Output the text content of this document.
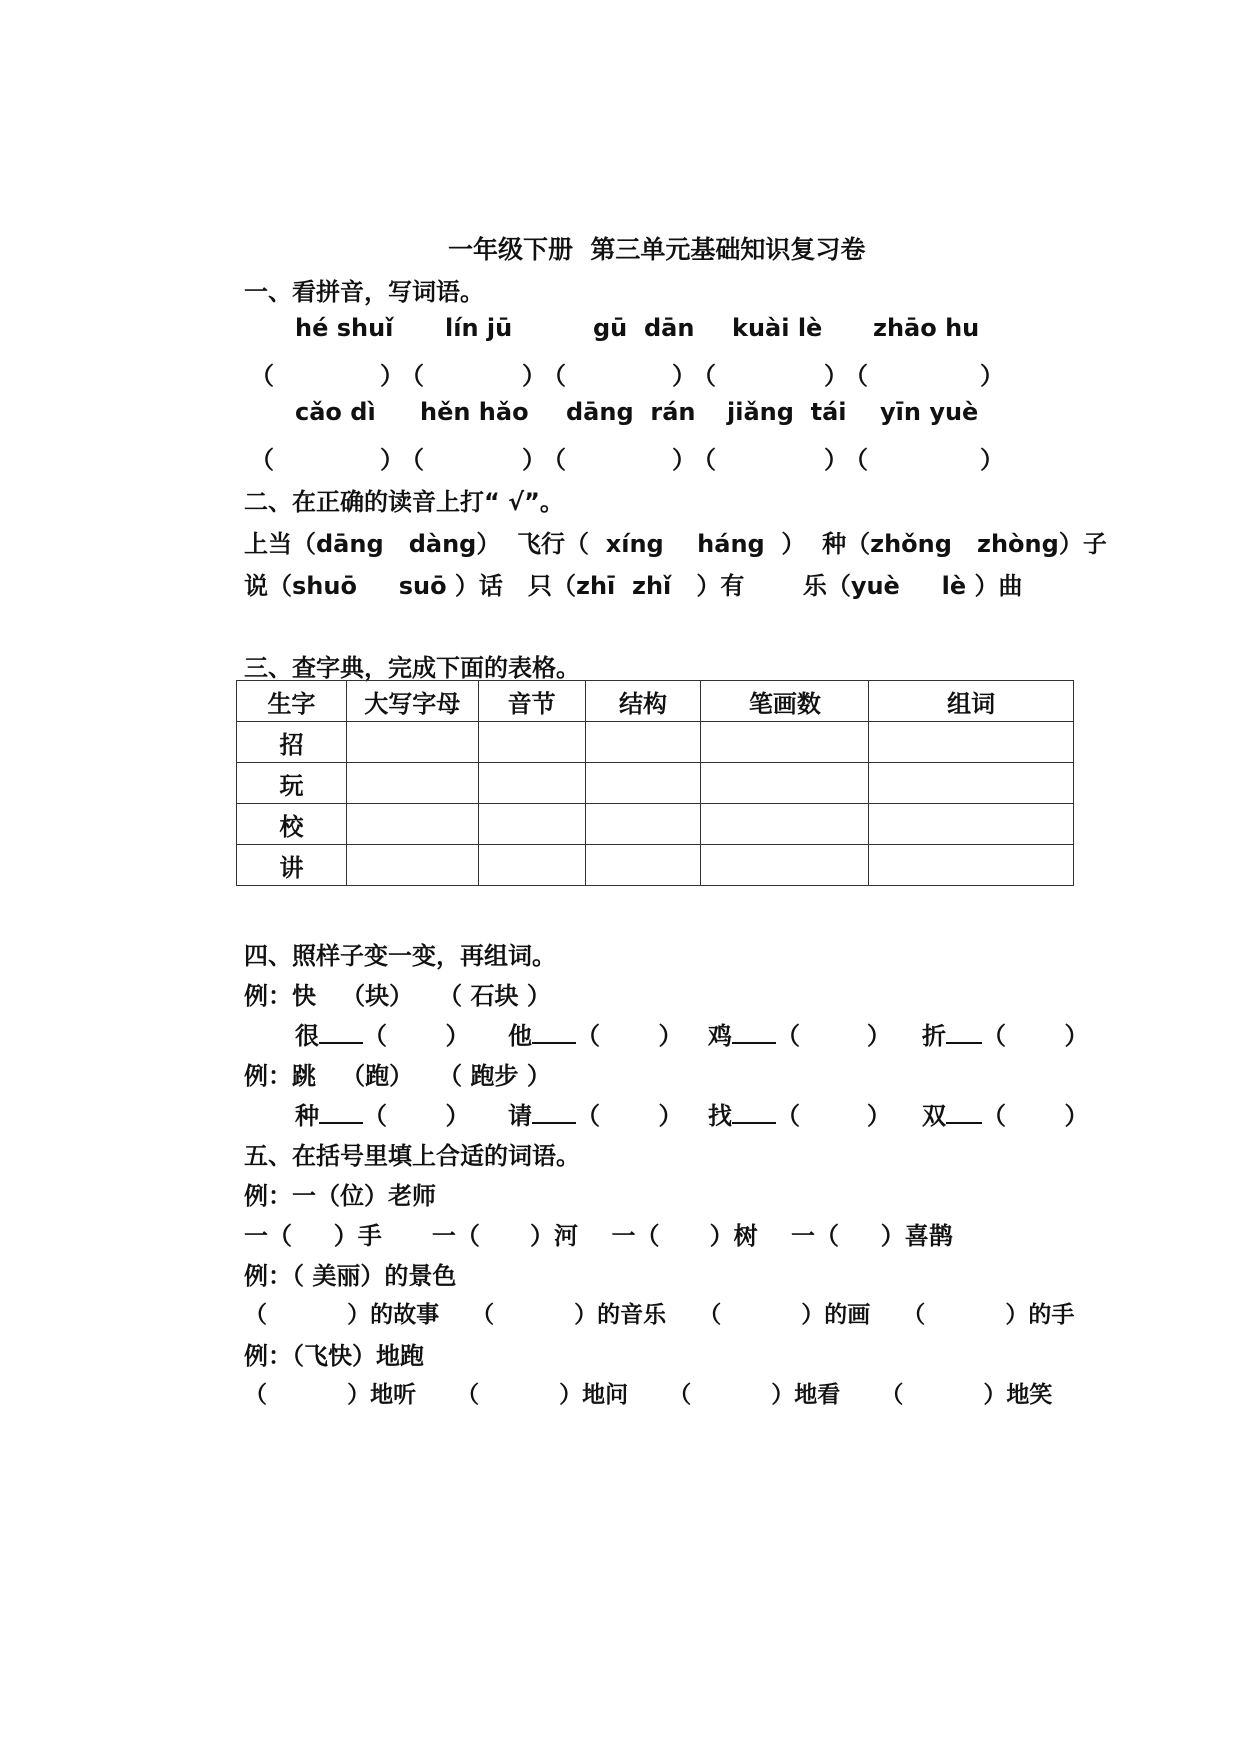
一年级下册  第三单元基础知识复习卷
一、看拼音，写词语。
hé shuǐ lín jū	gū  dān kuài lè zhāo hu
（	）
（	）
（	）
（	）
（	）
cǎo dì hěn hǎo dāng  rán jiǎng  tái yīn yuè
（	）
（	）
（	）
（	）
（	）
二、在正确的读音上打“ √”。
上当（dāng   dàng）  飞行（  xíng    háng  ）  种（zhǒng   zhòng）子
说（shuō     suō ）话   只（zhī  zhǐ   ）有       乐（yuè     lè ）曲
三、查字典，完成下面的表格。
生字	大写字母	音节	结构	笔画数	组词
招					
玩					
校					
讲					
四、照样子变一变，再组词。
例：快   （块）   （ 石块 ）
很 （       ） 他 （       ） 鸡 （        ） 折 （       ）
例：跳   （跑）   （ 跑步 ）
种 （       ） 请 （       ） 找 （        ） 双 （       ）
五、在括号里填上合适的词语。
例：一（位）老师
一（     ）手      一（      ）河    一（      ）树    一（     ）喜鹊
例：（ 美丽）的景色
（          ）的故事    （          ）的音乐    （          ）的画    （          ）的手
例：（飞快）地跑
（          ）地听     （          ）地问     （          ）地看     （          ）地笑
